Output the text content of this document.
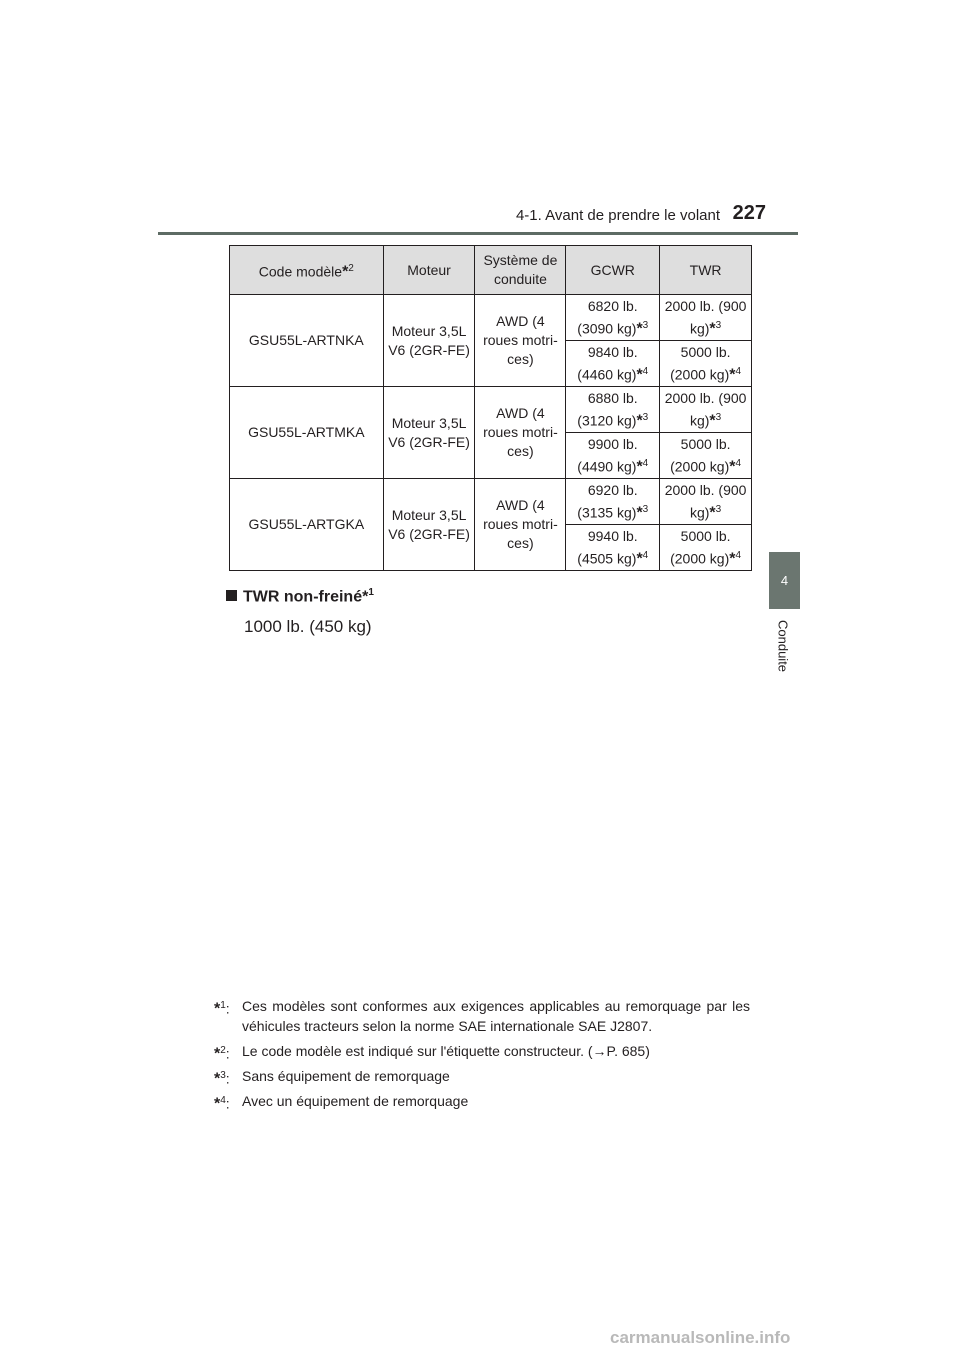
4-1. Avant de prendre le volant 227
4
Conduite
Code modèle*$^2$	Moteur	Système de conduite	GCWR	TWR
GSU55L-ARTNKA	Moteur 3,5L V6 (2GR-FE)	AWD (4 roues motri-ces)	6820 lb. (3090 kg)*$^3$	2000 lb. (900 kg)*$^3$
			9840 lb. (4460 kg)*$^4$	5000 lb. (2000 kg)*$^4$
GSU55L-ARTMKA	Moteur 3,5L V6 (2GR-FE)	AWD (4 roues motri-ces)	6880 lb. (3120 kg)*$^3$	2000 lb. (900 kg)*$^3$
			9900 lb. (4490 kg)*$^4$	5000 lb. (2000 kg)*$^4$
GSU55L-ARTGKA	Moteur 3,5L V6 (2GR-FE)	AWD (4 roues motri-ces)	6920 lb. (3135 kg)*$^3$	2000 lb. (900 kg)*$^3$
			9940 lb. (4505 kg)*$^4$	5000 lb. (2000 kg)*$^4$
TWR non-freiné*$^1$
1000 lb. (450 kg)
*$^1$: Ces modèles sont conformes aux exigences applicables au remorquage par les véhicules tracteurs selon la norme SAE internationale SAE J2807.
*$^2$: Le code modèle est indiqué sur l'étiquette constructeur. (→P. 685)
*$^3$: Sans équipement de remorquage
*$^4$: Avec un équipement de remorquage
carmanualsonline.info
